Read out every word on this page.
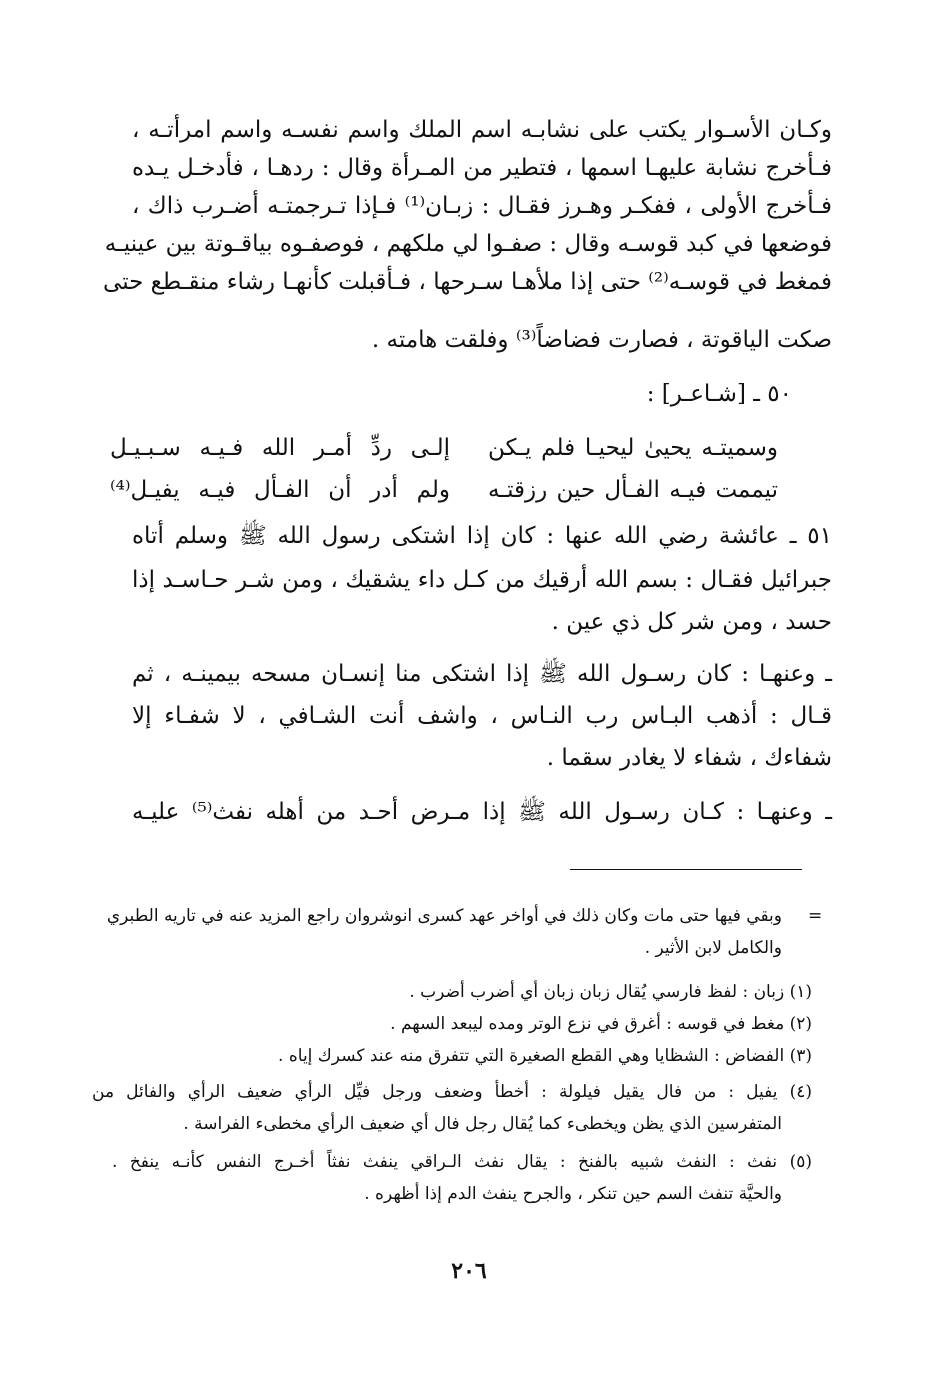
وكـان الأسـوار يكتب على نشابـه اسم الملك واسم نفسـه واسم امرأتـه ،
فـأخرج نشابة عليهـا اسمها ، فتطير من المـرأة وقال : ردهـا ، فأدخـل يـده
فـأخرج الأولى ، ففكـر وهـرز فقـال : زبـان⁽¹⁾ فـإذا تـرجمتـه أضـرب ذاك ،
فوضعها في كبد قوسـه وقال : صفـوا لي ملكهم ، فوصفـوه بياقـوتة بين عينيـه
فمغط في قوسـه⁽²⁾ حتى إذا ملأهـا سـرحها ، فـأقبلت كأنهـا رشاء منقـطع حتى
صكت الياقوتة ، فصارت فضاضاً⁽³⁾ وفلقت هامته .
٥٠ ـ [شـاعـر] :
وسميتـه يحيىٰ ليحيـا فلم يـكن
إلـى ردِّ أمـر الله فـيـه سـبـيـل
تيممت فيـه الفـأل حين رزقتـه
ولم أدر أن الفـأل فيـه يفيـل⁽⁴⁾
٥١ ـ عائشة رضي الله عنها : كان إذا اشتكى رسول الله ﷺ وسلم أتاه
جبرائيل فقـال : بسم الله أرقيك من كـل داء يشقيك ، ومن شـر حـاسـد إذا
حسد ، ومن شر كل ذي عين .
ـ وعنهـا : كان رسـول الله ﷺ إذا اشتكى منا إنسـان مسحه بيمينـه ، ثم
قـال : أذهب البـاس رب النـاس ، واشف أنت الشـافي ، لا شفـاء إلا
شفاءك ، شفاء لا يغادر سقما .
ـ وعنهـا : كـان رسـول الله ﷺ إذا مـرض أحـد من أهله نفث⁽⁵⁾ عليـه
=
وبقي فيها حتى مات وكان ذلك في أواخر عهد كسرى انوشروان راجع المزيد عنه في تاريه الطبري
والكامل لابن الأثير .
(١) زبان : لفظ فارسي يُقال زبان زبان أي أضرب أضرب .
(٢) مغط في قوسه : أغرق في نزع الوتر ومده ليبعد السهم .
(٣) الفضاض : الشظايا وهي القطع الصغيرة التي تتفرق منه عند كسرك إياه .
(٤) يفيل : من فال يقيل فيلولة : أخطأ وضعف ورجل فيِّل الرأي ضعيف الرأي والفائل من
المتفرسين الذي يظن ويخطىء كما يُقال رجل فال أي ضعيف الرأي مخطىء الفراسة .
(٥) نفث : النفث شبيه بالفنخ : يقال نفث الـراقي ينفث نفثاً أخـرج النفس كأنـه ينفخ .
والحيَّة تنفث السم حين تنكر ، والجرح ينفث الدم إذا أظهره .
٢٠٦
